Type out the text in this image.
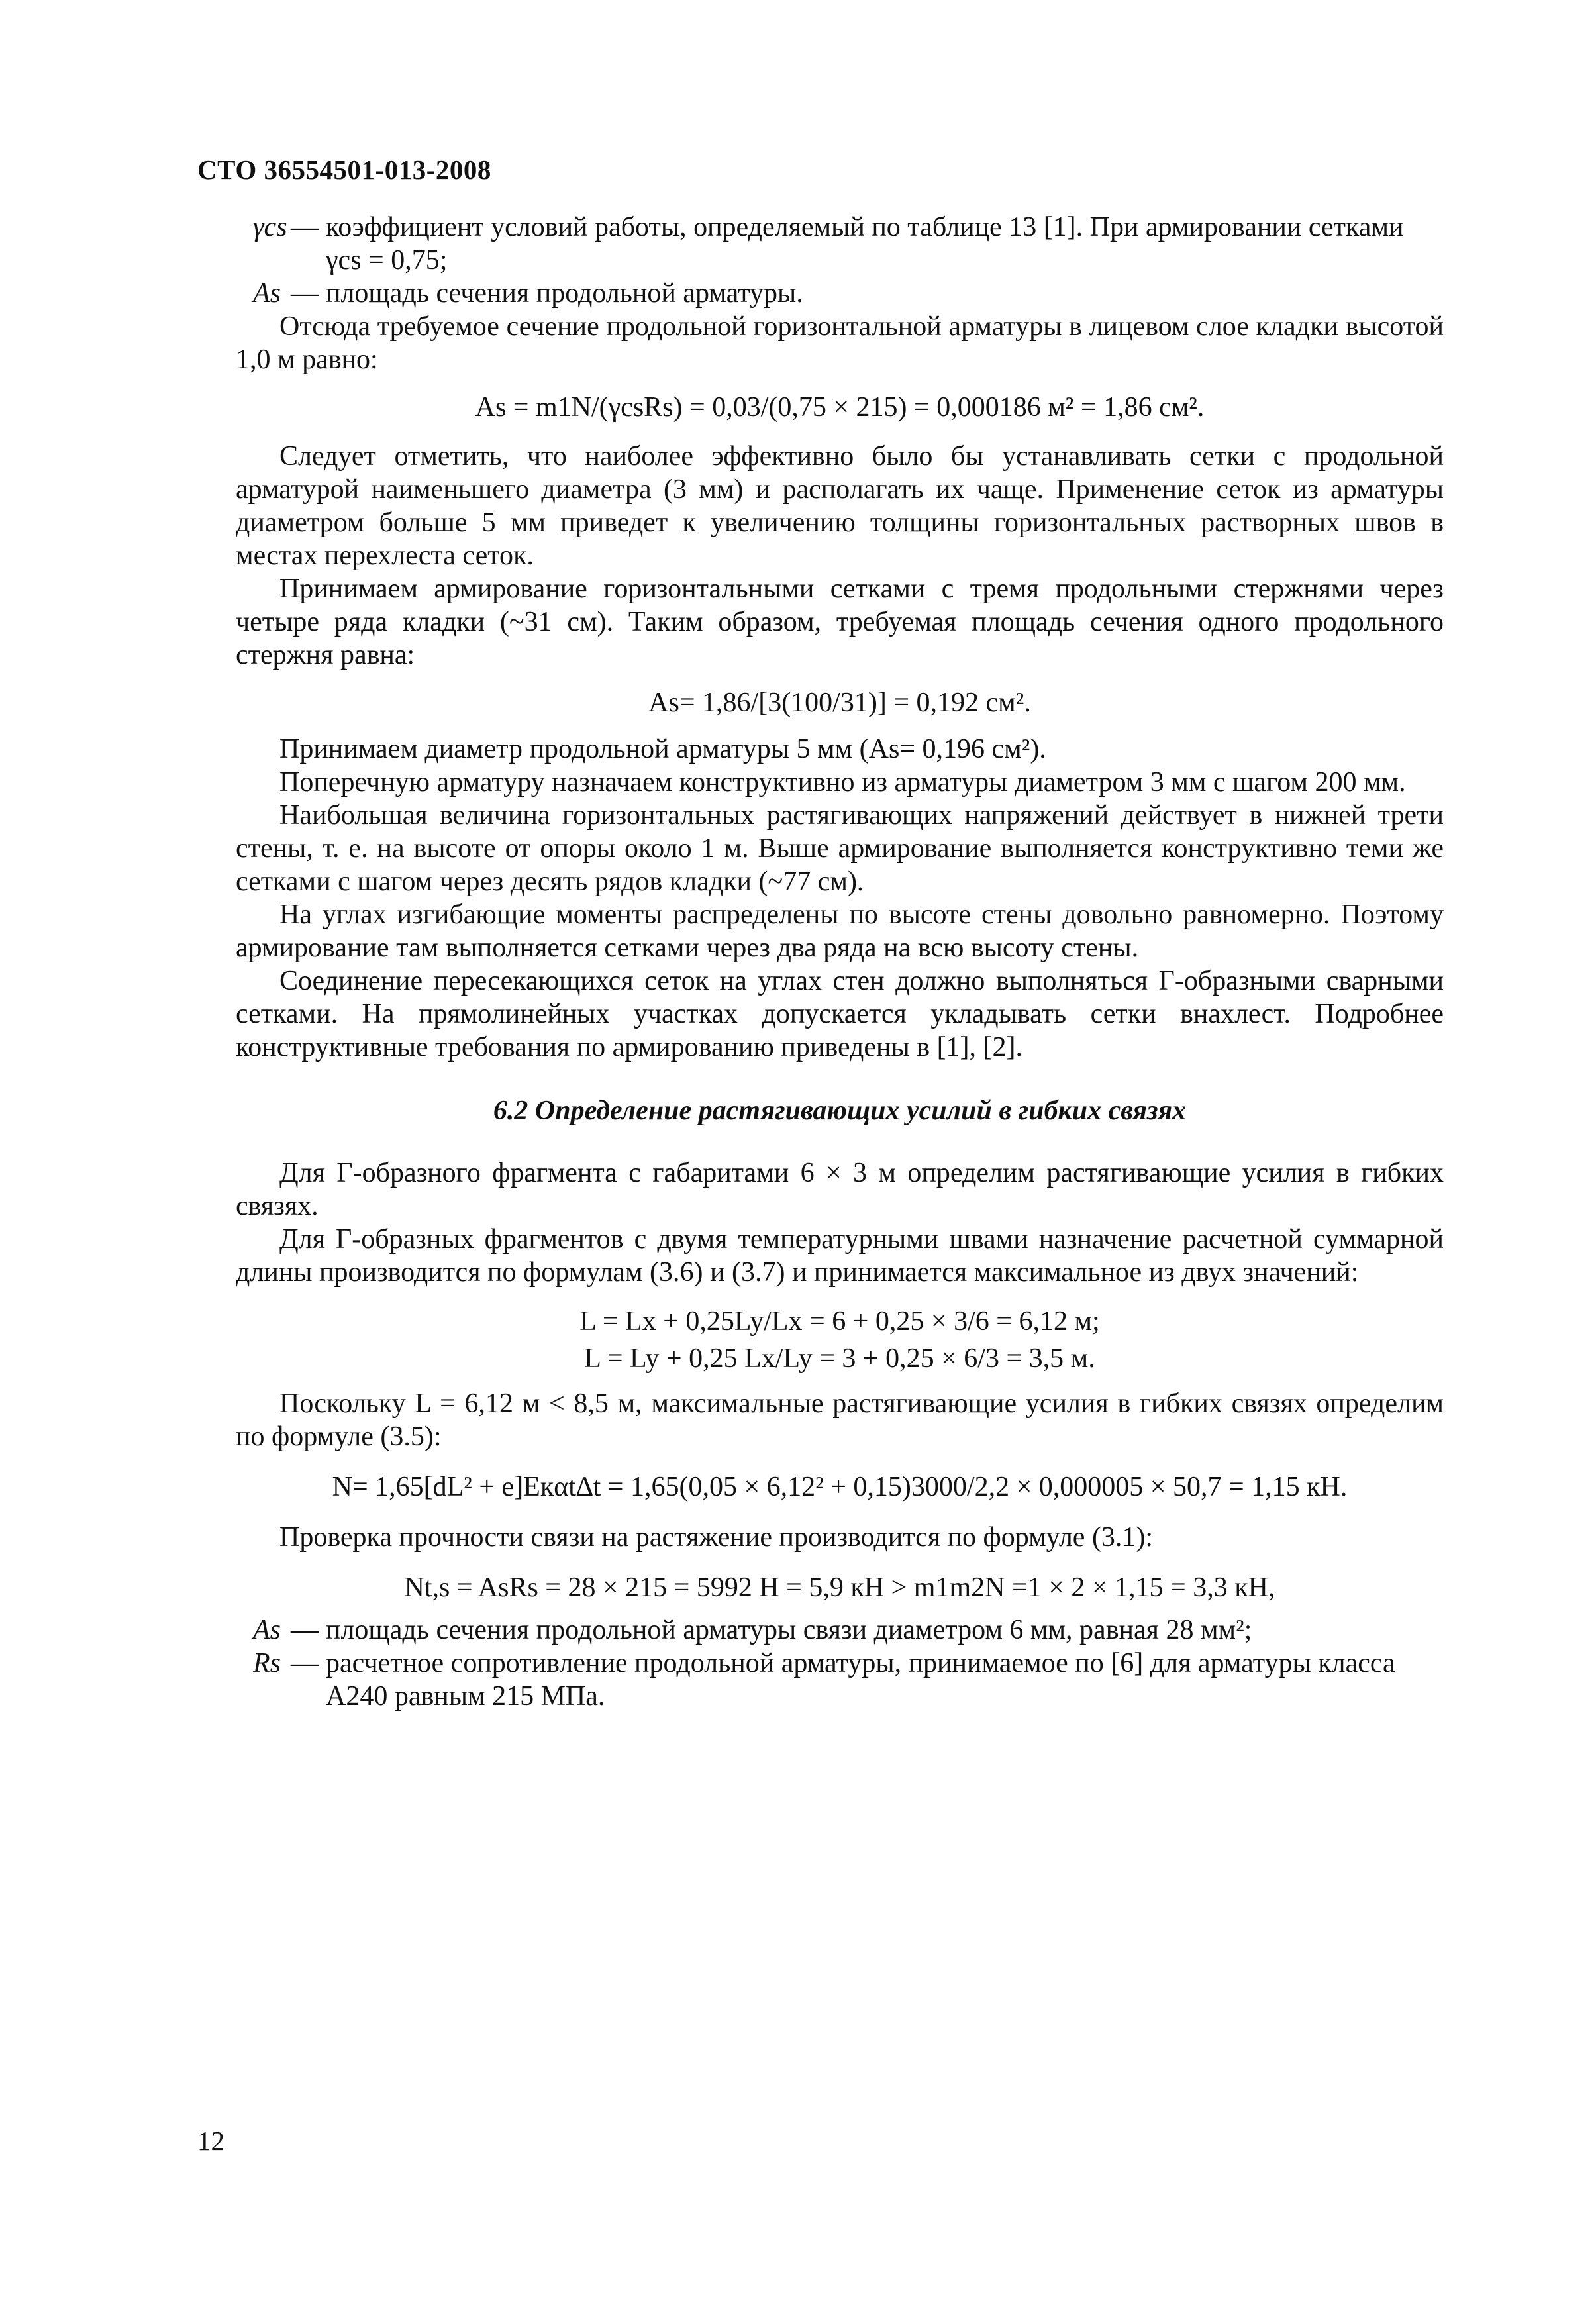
СТО 36554501-013-2008
γcs — коэффициент условий работы, определяемый по таблице 13 [1]. При армировании сетками γcs = 0,75;
As — площадь сечения продольной арматуры.

Отсюда требуемое сечение продольной горизонтальной арматуры в лицевом слое кладки высотой 1,0 м равно:

As = m1N/(γcsRs) = 0,03/(0,75 × 215) = 0,000186 м² = 1,86 см².

Следует отметить, что наиболее эффективно было бы устанавливать сетки с продольной арматурой наименьшего диаметра (3 мм) и располагать их чаще. Применение сеток из арматуры диаметром больше 5 мм приведет к увеличению толщины горизонтальных растворных швов в местах перехлеста сеток.

Принимаем армирование горизонтальными сетками с тремя продольными стержнями через четыре ряда кладки (~31 см). Таким образом, требуемая площадь сечения одного продольного стержня равна:

As= 1,86/[3(100/31)] = 0,192 см².

Принимаем диаметр продольной арматуры 5 мм (As= 0,196 см²).

Поперечную арматуру назначаем конструктивно из арматуры диаметром 3 мм с шагом 200 мм.

Наибольшая величина горизонтальных растягивающих напряжений действует в нижней трети стены, т. е. на высоте от опоры около 1 м. Выше армирование выполняется конструктивно теми же сетками с шагом через десять рядов кладки (~77 см).

На углах изгибающие моменты распределены по высоте стены довольно равномерно. Поэтому армирование там выполняется сетками через два ряда на всю высоту стены.

Соединение пересекающихся сеток на углах стен должно выполняться Г-образными сварными сетками. На прямолинейных участках допускается укладывать сетки внахлест. Подробнее конструктивные требования по армированию приведены в [1], [2].

6.2 Определение растягивающих усилий в гибких связях

Для Г-образного фрагмента с габаритами 6 × 3 м определим растягивающие усилия в гибких связях.

Для Г-образных фрагментов с двумя температурными швами назначение расчетной суммарной длины производится по формулам (3.6) и (3.7) и принимается максимальное из двух значений:

L = Lx + 0,25Ly/Lx = 6 + 0,25 × 3/6 = 6,12 м;

L = Ly + 0,25 Lx/Ly = 3 + 0,25 × 6/3 = 3,5 м.

Поскольку L = 6,12 м < 8,5 м, максимальные растягивающие усилия в гибких связях определим по формуле (3.5):

N= 1,65[dL² + e]Eкαt∆t = 1,65(0,05 × 6,12² + 0,15)3000/2,2 × 0,000005 × 50,7 = 1,15 кН.

Проверка прочности связи на растяжение производится по формуле (3.1):

Nt,s = AsRs = 28 × 215 = 5992 Н = 5,9 кН > m1m2N =1 × 2 × 1,15 = 3,3 кН,

As — площадь сечения продольной арматуры связи диаметром 6 мм, равная 28 мм²;
Rs — расчетное сопротивление продольной арматуры, принимаемое по [6] для арматуры класса А240 равным 215 МПа.
12
